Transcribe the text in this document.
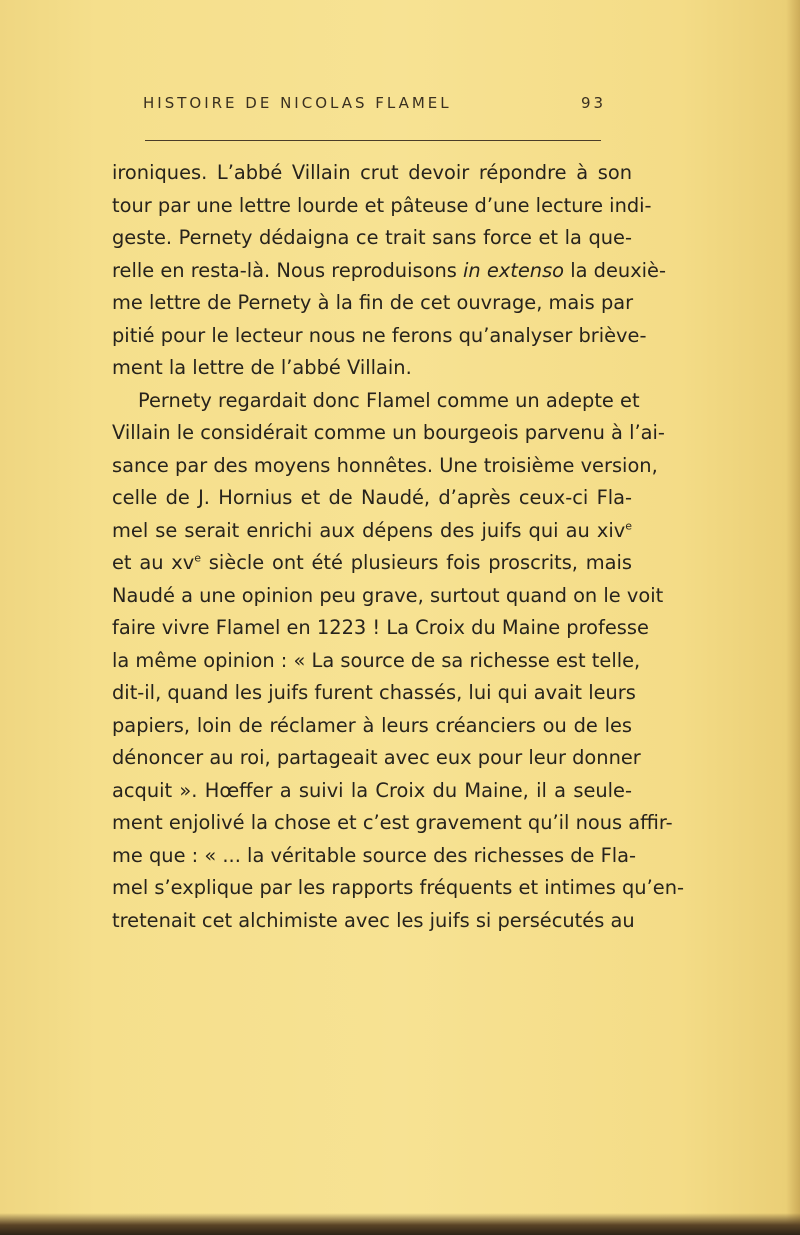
HISTOIRE DE NICOLAS FLAMEL	93
ironiques. L’abbé Villain crut devoir répondre à son
tour par une lettre lourde et pâteuse d’une lecture indi-
geste. Pernety dédaigna ce trait sans force et la que-
relle en resta-là. Nous reproduisons in extenso la deuxiè-
me lettre de Pernety à la fin de cet ouvrage, mais par
pitié pour le lecteur nous ne ferons qu’analyser briève-
ment la lettre de l’abbé Villain.
Pernety regardait donc Flamel comme un adepte et
Villain le considérait comme un bourgeois parvenu à l’ai-
sance par des moyens honnêtes. Une troisième version,
celle de J. Hornius et de Naudé, d’après ceux-ci Fla-
mel se serait enrichi aux dépens des juifs qui au xiv$^e$
et au $xv^e$ siècle ont été plusieurs fois proscrits, mais
Naudé a une opinion peu grave, surtout quand on le voit
faire vivre Flamel en 1223 ! La Croix du Maine professe
la même opinion : « La source de sa richesse est telle,
dit-il, quand les juifs furent chassés, lui qui avait leurs
papiers, loin de réclamer à leurs créanciers ou de les
dénoncer au roi, partageait avec eux pour leur donner
acquit ». Hœffer a suivi la Croix du Maine, il a seule-
ment enjolivé la chose et c’est gravement qu’il nous affir-
me que : « ... la véritable source des richesses de Fla-
mel s’explique par les rapports fréquents et intimes qu’en-
tretenait cet alchimiste avec les juifs si persécutés au
